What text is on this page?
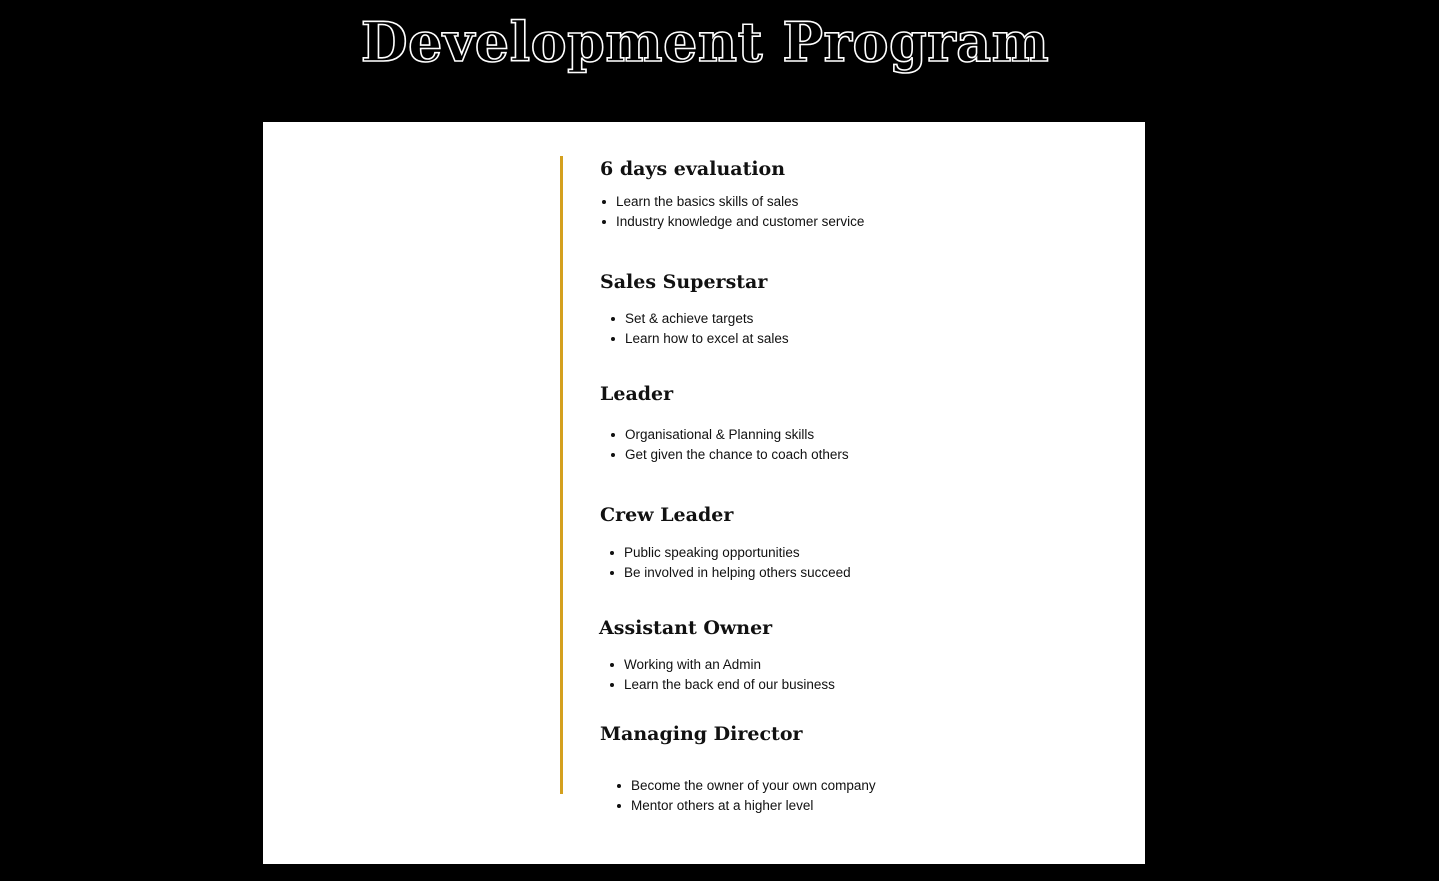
Development Program
6 days evaluation
Learn the basics skills of sales
Industry knowledge and customer service
Sales Superstar
Set & achieve targets
Learn how to excel at sales
Leader
Organisational & Planning skills
Get given the chance to coach others
Crew Leader
Public speaking opportunities
Be involved in helping others succeed
Assistant Owner
Working with an Admin
Learn the back end of our business
Managing Director
Become the owner of your own company
Mentor others at a higher level
